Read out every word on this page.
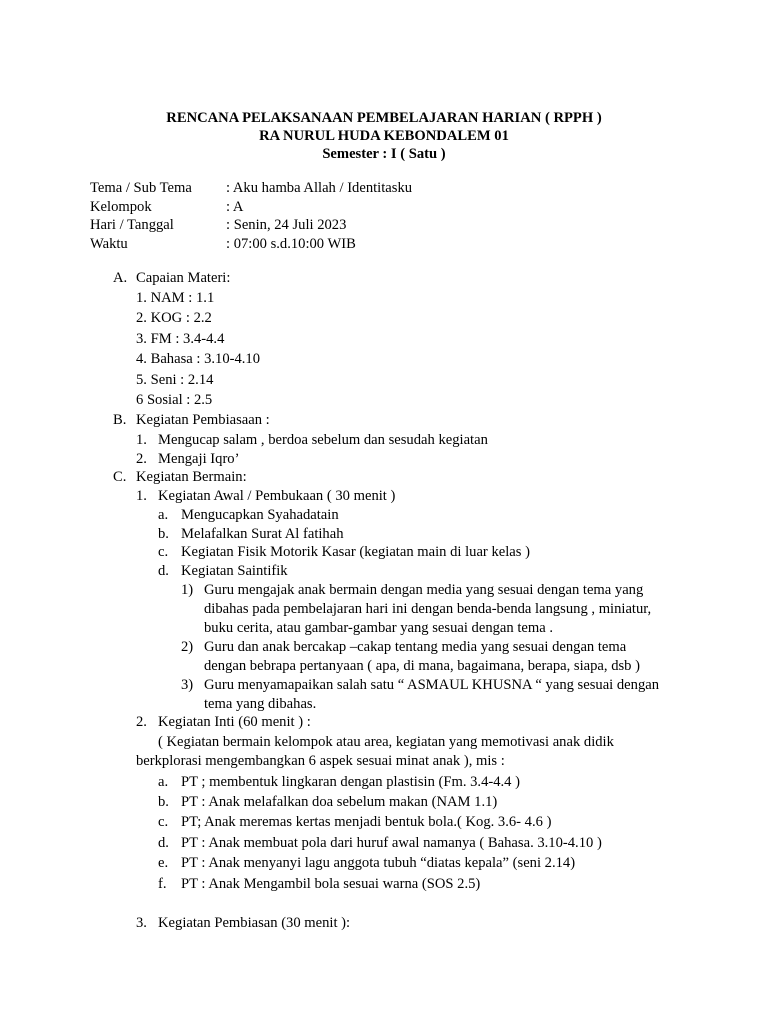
RENCANA PELAKSANAAN PEMBELAJARAN HARIAN ( RPPH )
RA NURUL HUDA KEBONDALEM 01
Semester : I ( Satu )
Tema / Sub Tema	: Aku hamba Allah / Identitasku
Kelompok	: A
Hari / Tanggal	: Senin, 24 Juli 2023
Waktu	: 07:00 s.d.10:00 WIB
A. Capaian Materi:
1. NAM : 1.1
2. KOG : 2.2
3. FM : 3.4-4.4
4. Bahasa : 3.10-4.10
5. Seni : 2.14
6 Sosial : 2.5
B. Kegiatan Pembiasaan :
1. Mengucap salam , berdoa sebelum dan sesudah kegiatan
2. Mengaji Iqro’
C. Kegiatan Bermain:
1. Kegiatan Awal / Pembukaan ( 30 menit )
a. Mengucapkan Syahadatain
b. Melafalkan Surat Al fatihah
c. Kegiatan Fisik Motorik Kasar (kegiatan main di luar kelas )
d. Kegiatan Saintifik
1) Guru mengajak anak bermain dengan media yang sesuai dengan tema yang
dibahas pada pembelajaran hari ini dengan benda-benda langsung , miniatur,
buku cerita, atau gambar-gambar yang sesuai dengan tema .
2) Guru dan anak bercakap –cakap tentang media yang sesuai dengan tema
dengan bebrapa pertanyaan ( apa, di mana, bagaimana, berapa, siapa, dsb )
3) Guru menyamapaikan salah satu “ ASMAUL KHUSNA “ yang sesuai dengan
tema yang dibahas.
2. Kegiatan Inti (60 menit ) :
( Kegiatan bermain kelompok atau area, kegiatan yang memotivasi anak didik
berkplorasi mengembangkan 6 aspek sesuai minat anak ), mis :
a. PT ; membentuk lingkaran dengan plastisin (Fm. 3.4-4.4 )
b. PT : Anak melafalkan doa sebelum makan (NAM 1.1)
c. PT; Anak meremas kertas menjadi bentuk bola.( Kog. 3.6- 4.6 )
d. PT : Anak membuat pola dari huruf awal namanya ( Bahasa. 3.10-4.10 )
e. PT : Anak menyanyi lagu anggota tubuh “diatas kepala” (seni 2.14)
f. PT : Anak Mengambil bola sesuai warna (SOS 2.5)
3. Kegiatan Pembiasan (30 menit ):
